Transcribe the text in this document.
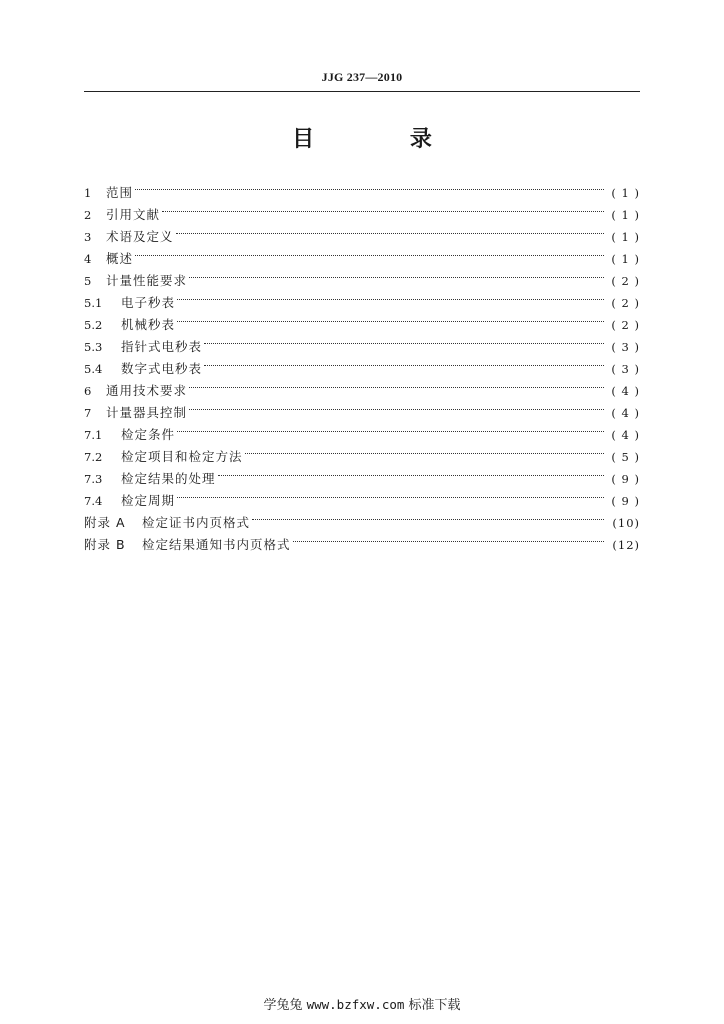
JJG 237—2010
目 录
1	范围	( 1 )
2	引用文献	( 1 )
3	术语及定义	( 1 )
4	概述	( 1 )
5	计量性能要求	( 2 )
5.1	电子秒表	( 2 )
5.2	机械秒表	( 2 )
5.3	指针式电秒表	( 3 )
5.4	数字式电秒表	( 3 )
6	通用技术要求	( 4 )
7	计量器具控制	( 4 )
7.1	检定条件	( 4 )
7.2	检定项目和检定方法	( 5 )
7.3	检定结果的处理	( 9 )
7.4	检定周期	( 9 )
附录 A	检定证书内页格式	(10)
附录 B	检定结果通知书内页格式	(12)
学兔兔 www.bzfxw.com 标准下载
